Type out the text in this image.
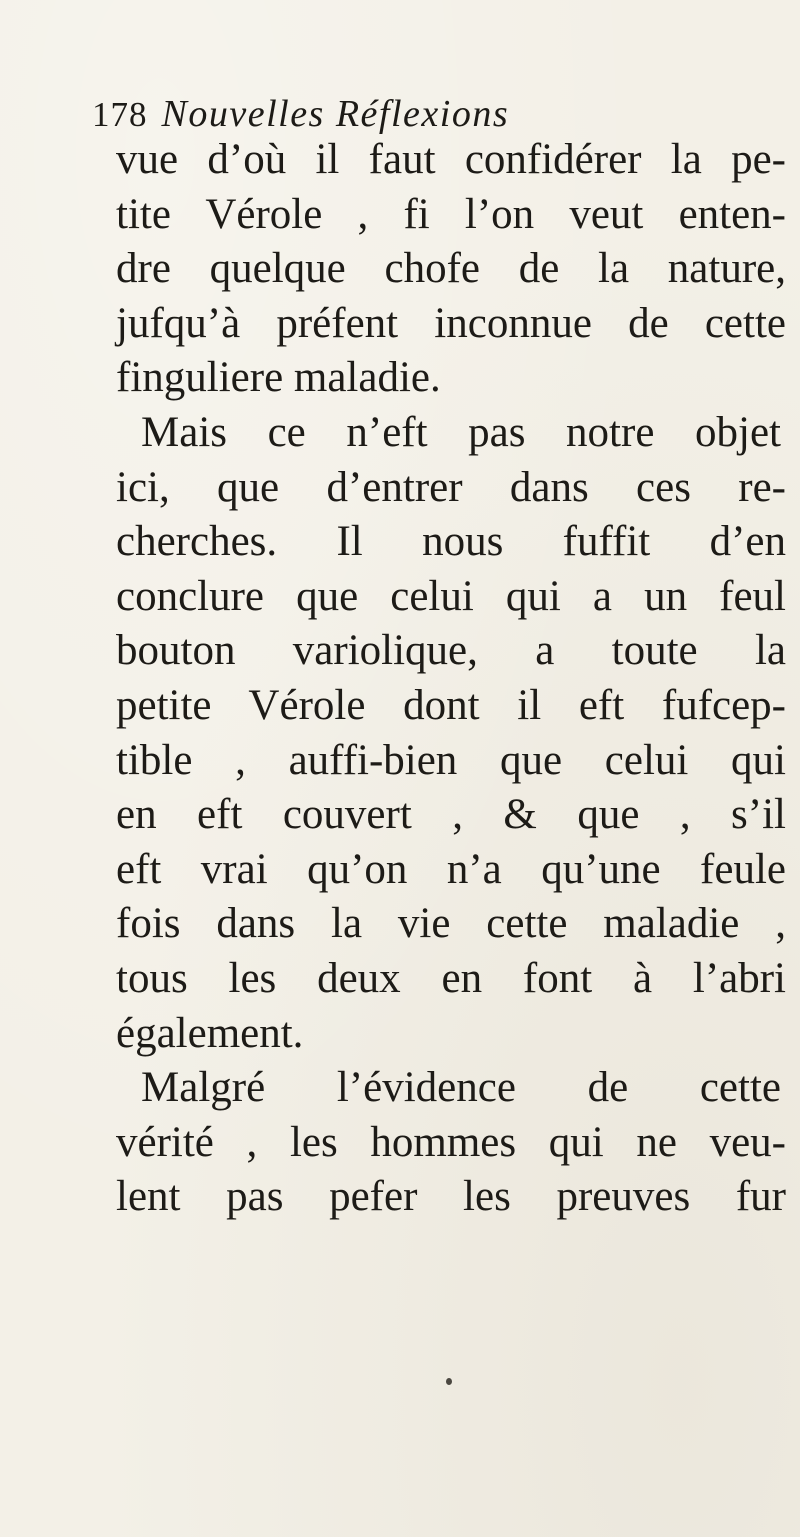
178 Nouvelles Réflexions
vue d’où il faut confidérer la pe-
tite Vérole , fi l’on veut enten-
dre quelque chofe de la nature,
jufqu’à préfent inconnue de cette
finguliere maladie.
Mais ce n’eft pas notre objet
ici, que d’entrer dans ces re-
cherches. Il nous fuffit d’en
conclure que celui qui a un feul
bouton variolique, a toute la
petite Vérole dont il eft fufcep-
tible , auffi-bien que celui qui
en eft couvert , & que , s’il
eft vrai qu’on n’a qu’une feule
fois dans la vie cette maladie ,
tous les deux en font à l’abri
également.
Malgré l’évidence de cette
vérité , les hommes qui ne veu-
lent pas pefer les preuves fur
